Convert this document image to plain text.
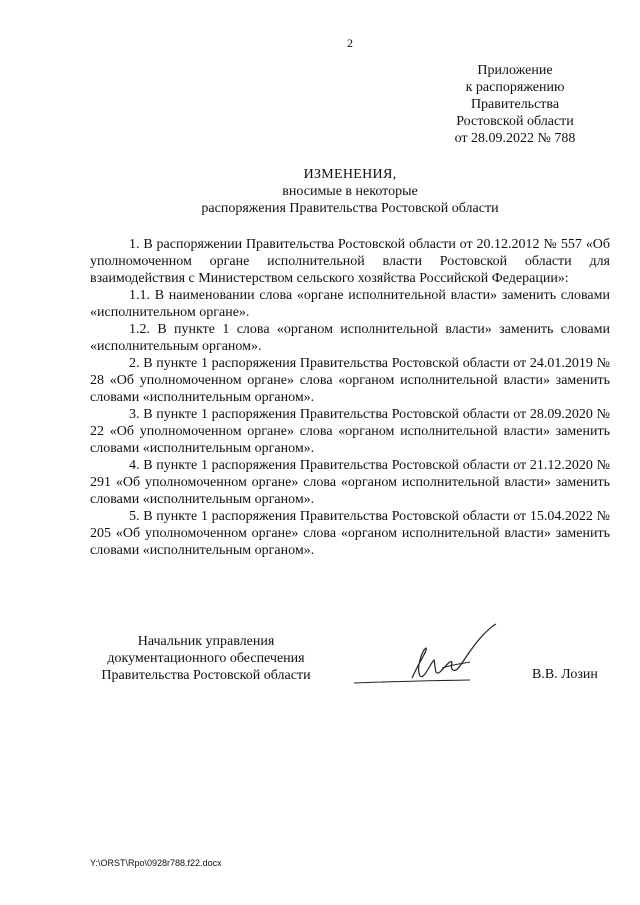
2
Приложение
к распоряжению
Правительства
Ростовской области
от 28.09.2022 № 788
ИЗМЕНЕНИЯ,
вносимые в некоторые
распоряжения Правительства Ростовской области

1. В распоряжении Правительства Ростовской области от 20.12.2012 № 557 «Об уполномоченном органе исполнительной власти Ростовской области для взаимодействия с Министерством сельского хозяйства Российской Федерации»:

1.1. В наименовании слова «органе исполнительной власти» заменить словами «исполнительном органе».

1.2. В пункте 1 слова «органом исполнительной власти» заменить словами «исполнительным органом».

2. В пункте 1 распоряжения Правительства Ростовской области от 24.01.2019 № 28 «Об уполномоченном органе» слова «органом исполнительной власти» заменить словами «исполнительным органом».

3. В пункте 1 распоряжения Правительства Ростовской области от 28.09.2020 № 22 «Об уполномоченном органе» слова «органом исполнительной власти» заменить словами «исполнительным органом».

4. В пункте 1 распоряжения Правительства Ростовской области от 21.12.2020 № 291 «Об уполномоченном органе» слова «органом исполнительной власти» заменить словами «исполнительным органом».

5. В пункте 1 распоряжения Правительства Ростовской области от 15.04.2022 № 205 «Об уполномоченном органе» слова «органом исполнительной власти» заменить словами «исполнительным органом».

Начальник управления
документационного обеспечения
Правительства Ростовской области	В.В. Лозин
Y:\ORST\Rpo\0928r788.f22.docx
